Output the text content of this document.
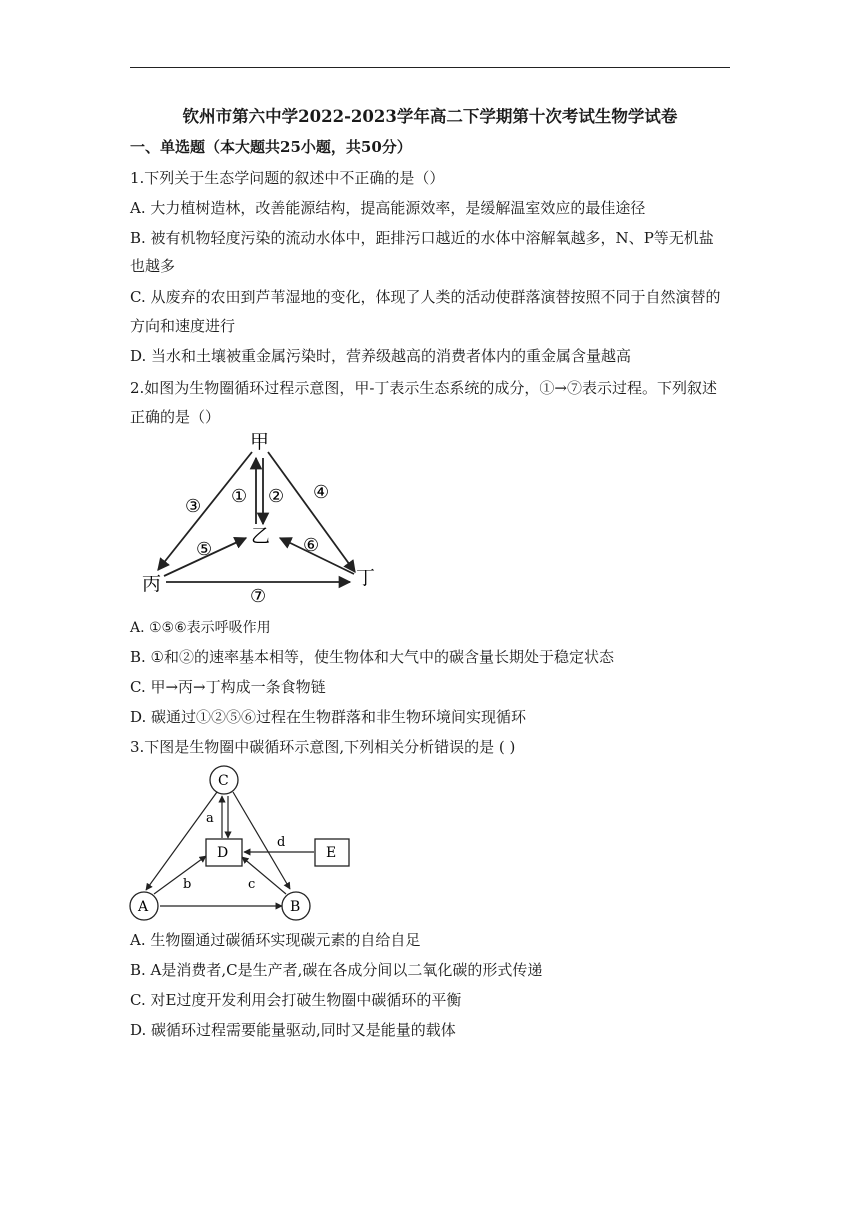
钦州市第六中学2022-2023学年高二下学期第十次考试生物学试卷
一、单选题（本大题共25小题，共50分）
1.下列关于生态学问题的叙述中不正确的是（）
A. 大力植树造林，改善能源结构，提高能源效率，是缓解温室效应的最佳途径
B. 被有机物轻度污染的流动水体中，距排污口越近的水体中溶解氧越多，N、P等无机盐
也越多
C. 从废弃的农田到芦苇湿地的变化，体现了人类的活动使群落演替按照不同于自然演替的
方向和速度进行
D. 当水和土壤被重金属污染时，营养级越高的消费者体内的重金属含量越高
2.如图为生物圈循环过程示意图，甲-丁表示生态系统的成分，①→⑦表示过程。下列叙述
正确的是（）
甲
乙
丙	丁
① ②
③
④
⑤	⑥
⑦
A. ①⑤⑥表示呼吸作用
B. ①和②的速率基本相等，使生物体和大气中的碳含量长期处于稳定状态
C. 甲→丙→丁构成一条食物链
D. 碳通过①②⑤⑥过程在生物群落和非生物环境间实现循环
3.下图是生物圈中碳循环示意图,下列相关分析错误的是 ( )
C
D	E
A	B
a
b	c
d
A. 生物圈通过碳循环实现碳元素的自给自足
B. A是消费者,C是生产者,碳在各成分间以二氧化碳的形式传递
C. 对E过度开发利用会打破生物圈中碳循环的平衡
D. 碳循环过程需要能量驱动,同时又是能量的载体
